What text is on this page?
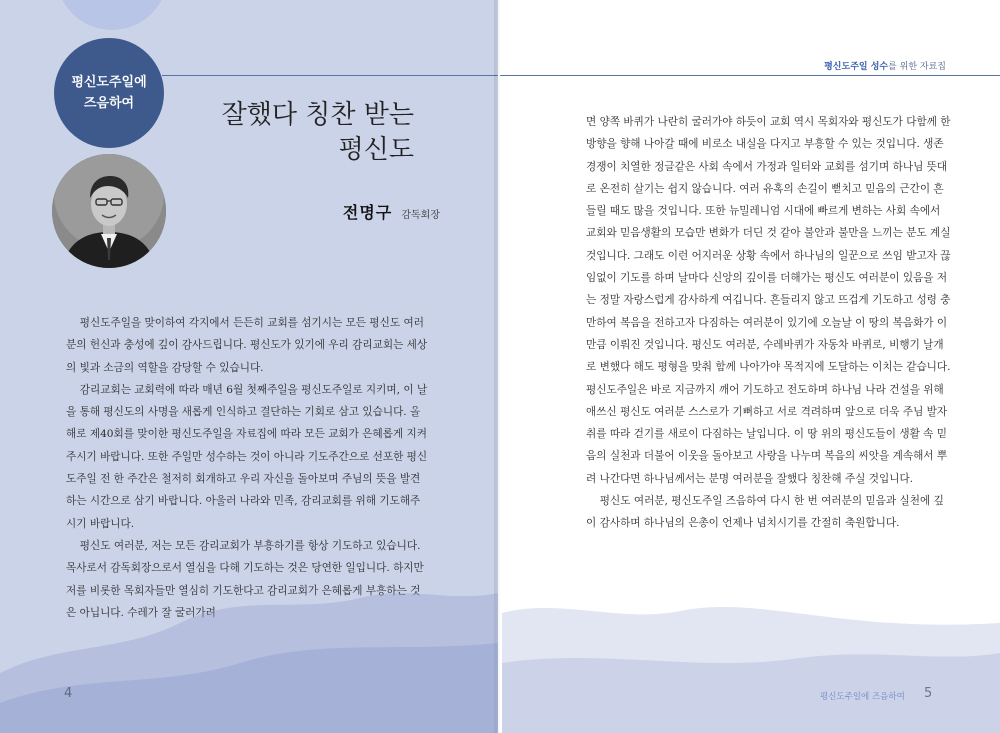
평신도주일에
즈음하여	잘했다 칭찬 받는
평신도
전명구 감독회장

평신도주일을 맞이하여 각지에서 든든히 교회를 섬기시는 모든 평신도 여러분의 헌신과 충성에 깊이 감사드립니다. 평신도가 있기에 우리 감리교회는 세상의 빛과 소금의 역할을 감당할 수 있습니다.

감리교회는 교회력에 따라 매년 6월 첫째주일을 평신도주일로 지키며, 이 날을 통해 평신도의 사명을 새롭게 인식하고 결단하는 기회로 삼고 있습니다. 올해로 제40회를 맞이한 평신도주일을 자료집에 따라 모든 교회가 은혜롭게 지켜주시기 바랍니다. 또한 주일만 성수하는 것이 아니라 기도주간으로 선포한 평신도주일 전 한 주간은 철저히 회개하고 우리 자신을 돌아보며 주님의 뜻을 발견하는 시간으로 삼기 바랍니다. 아울러 나라와 민족, 감리교회를 위해 기도해주시기 바랍니다.

평신도 여러분, 저는 모든 감리교회가 부흥하기를 항상 기도하고 있습니다. 목사로서 감독회장으로서 열심을 다해 기도하는 것은 당연한 일입니다. 하지만 저를 비롯한 목회자들만 열심히 기도한다고 감리교회가 은혜롭게 부흥하는 것은 아닙니다. 수레가 잘 굴러가려

4
평신도주일 성수를 위한 자료집

면 양쪽 바퀴가 나란히 굴러가야 하듯이 교회 역시 목회자와 평신도가 다함께 한 방향을 향해 나아갈 때에 비로소 내실을 다지고 부흥할 수 있는 것입니다. 생존경쟁이 치열한 정글같은 사회 속에서 가정과 일터와 교회를 섬기며 하나님 뜻대로 온전히 살기는 쉽지 않습니다. 여러 유혹의 손길이 뻗치고 믿음의 근간이 흔들릴 때도 많을 것입니다. 또한 뉴밀레니엄 시대에 빠르게 변하는 사회 속에서 교회와 믿음생활의 모습만 변화가 더딘 것 같아 불안과 불만을 느끼는 분도 계실 것입니다. 그래도 이런 어지러운 상황 속에서 하나님의 일꾼으로 쓰임 받고자 끊임없이 기도를 하며 날마다 신앙의 깊이를 더해가는 평신도 여러분이 있음을 저는 정말 자랑스럽게 감사하게 여깁니다. 흔들리지 않고 뜨겁게 기도하고 성령 충만하여 복음을 전하고자 다짐하는 여러분이 있기에 오늘날 이 땅의 복음화가 이만큼 이뤄진 것입니다. 평신도 여러분, 수레바퀴가 자동차 바퀴로, 비행기 날개로 변했다 해도 평형을 맞춰 함께 나아가야 목적지에 도달하는 이치는 같습니다. 평신도주일은 바로 지금까지 깨어 기도하고 전도하며 하나님 나라 건설을 위해 애쓰신 평신도 여러분 스스로가 기뻐하고 서로 격려하며 앞으로 더욱 주님 발자취를 따라 걷기를 새로이 다짐하는 날입니다. 이 땅 위의 평신도들이 생활 속 믿음의 실천과 더불어 이웃을 돌아보고 사랑을 나누며 복음의 씨앗을 계속해서 뿌려 나간다면 하나님께서는 분명 여러분을 잘했다 칭찬해 주실 것입니다.

평신도 여러분, 평신도주일 즈음하여 다시 한 번 여러분의 믿음과 실천에 깊이 감사하며 하나님의 은총이 언제나 넘치시기를 간절히 축원합니다.

평신도주일에 즈음하여 5
